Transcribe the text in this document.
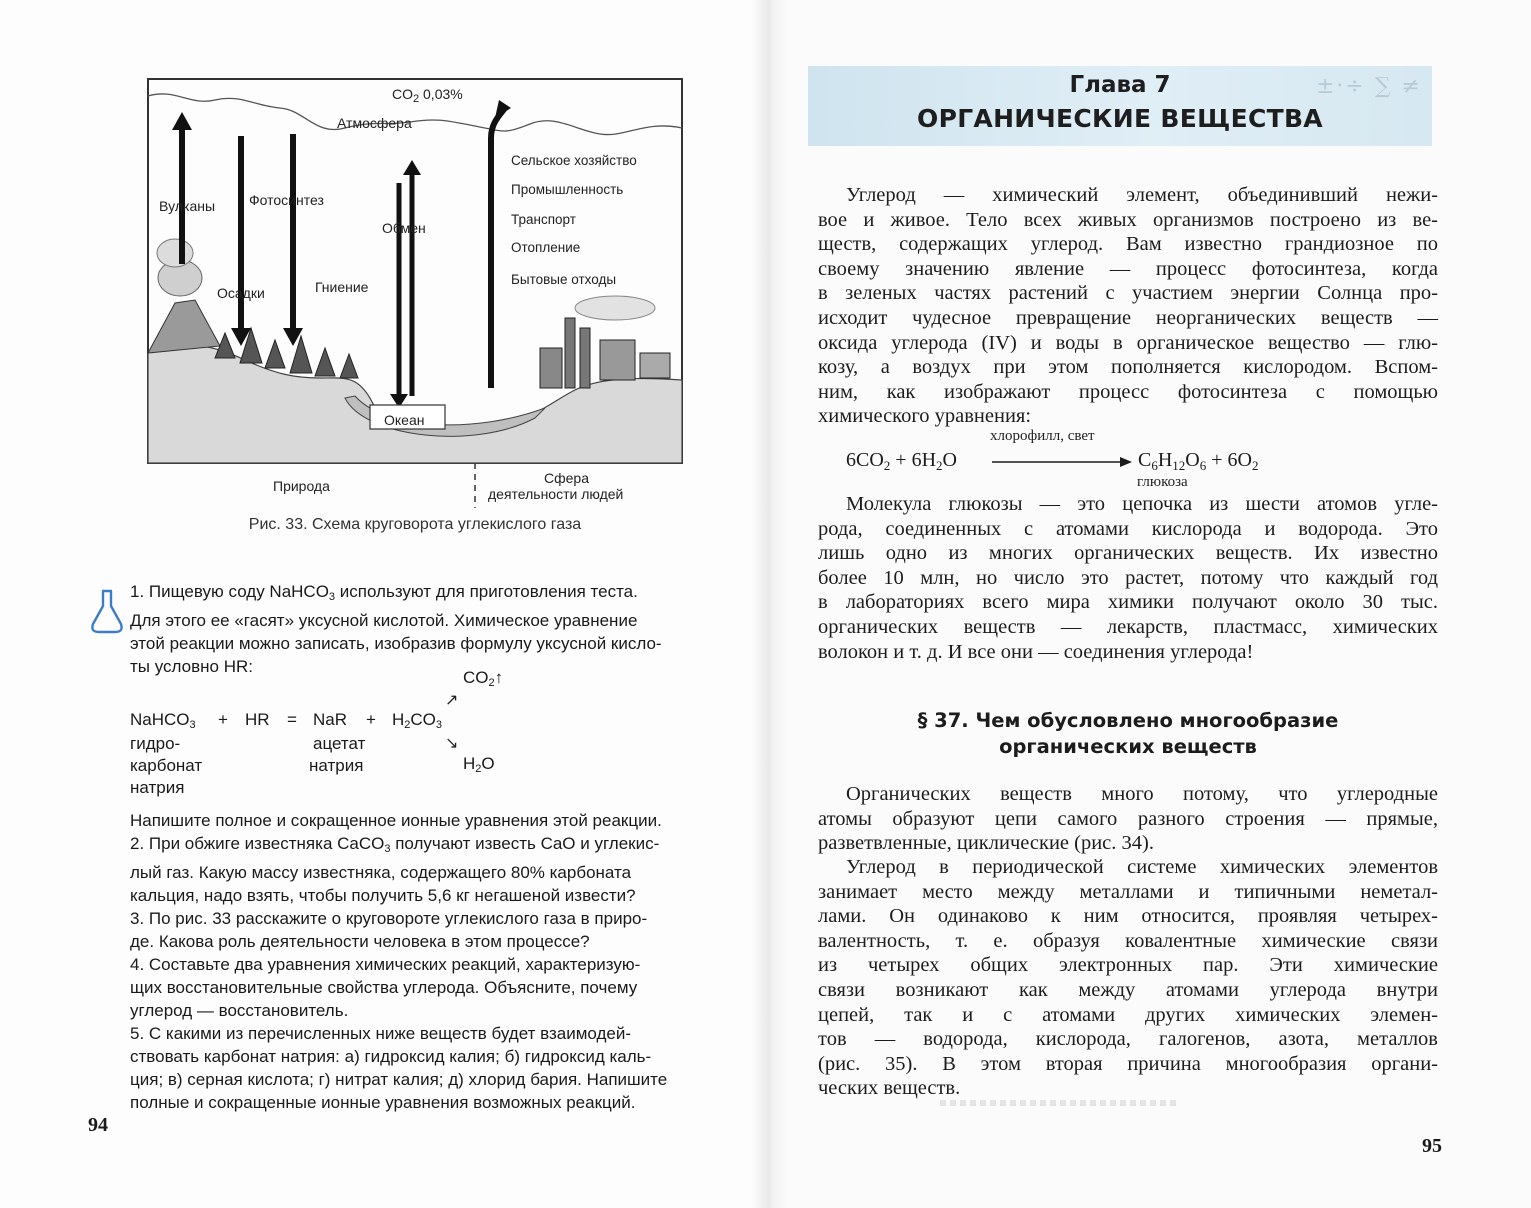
$CO_2$ 0,03%
Атмосфера
Вулканы Фотосинтез
Обмен
Осадки	Гниение
Океан
Сельское хозяйство
Промышленность
Транспорт
Отопление
Бытовые отходы
Природа	Сфера
деятельности людей
Рис. 33. Схема круговорота углекислого газа
1. Пищевую соду NaHCO$_3$ используют для приготовления теста.
Для этого ее «гасят» уксусной кислотой. Химическое уравнение
этой реакции можно записать, изобразив формулу уксусной кисло-
ты условно HR:
$CO_2↑$
↗
NaHCO$_3$ + HR = NaR + $H_2CO_3$
↘
$H_2O$
гидро-
карбонат
натрия
ацетат
натрия
Напишите полное и сокращенное ионные уравнения этой реакции.
2. При обжиге известняка CaCO$_3$ получают известь CaO и углекис-
лый газ. Какую массу известняка, содержащего 80% карбоната
кальция, надо взять, чтобы получить 5,6 кг негашеной извести?
3. По рис. 33 расскажите о круговороте углекислого газа в приро-
де. Какова роль деятельности человека в этом процессе?
4. Составьте два уравнения химических реакций, характеризую-
щих восстановительные свойства углерода. Объясните, почему
углерод — восстановитель.
5. С какими из перечисленных ниже веществ будет взаимодей-
ствовать карбонат натрия: а) гидроксид калия; б) гидроксид каль-
ция; в) серная кислота; г) нитрат калия; д) хлорид бария. Напишите
полные и сокращенные ионные уравнения возможных реакций.
94
±·÷ ∑ ≠
Глава 7
ОРГАНИЧЕСКИЕ ВЕЩЕСТВА
Углерод — химический элемент, объединивший нежи-
вое и живое. Тело всех живых организмов построено из ве-
ществ, содержащих углерод. Вам известно грандиозное по
своему значению явление — процесс фотосинтеза, когда
в зеленых частях растений с участием энергии Солнца про-
исходит чудесное превращение неорганических веществ —
оксида углерода (IV) и воды в органическое вещество — глю-
козу, а воздух при этом пополняется кислородом. Вспом-
ним, как изображают процесс фотосинтеза с помощью
химического уравнения:
хлорофилл, свет
$6CO_2 + 6H_2O$	$C_6H_{12}O_6 + 6O_2$
глюкоза
Молекула глюкозы — это цепочка из шести атомов угле-
рода, соединенных с атомами кислорода и водорода. Это
лишь одно из многих органических веществ. Их известно
более 10 млн, но число это растет, потому что каждый год
в лабораториях всего мира химики получают около 30 тыс.
органических веществ — лекарств, пластмасс, химических
волокон и т. д. И все они — соединения углерода!
§ 37. Чем обусловлено многообразие
органических веществ
Органических веществ много потому, что углеродные
атомы образуют цепи самого разного строения — прямые,
разветвленные, циклические (рис. 34).
Углерод в периодической системе химических элементов
занимает место между металлами и типичными неметал-
лами. Он одинаково к ним относится, проявляя четырех-
валентность, т. е. образуя ковалентные химические связи
из четырех общих электронных пар. Эти химические
связи возникают как между атомами углерода внутри
цепей, так и с атомами других химических элемен-
тов — водорода, кислорода, галогенов, азота, металлов
(рис. 35). В этом вторая причина многообразия органи-
ческих веществ.
95
